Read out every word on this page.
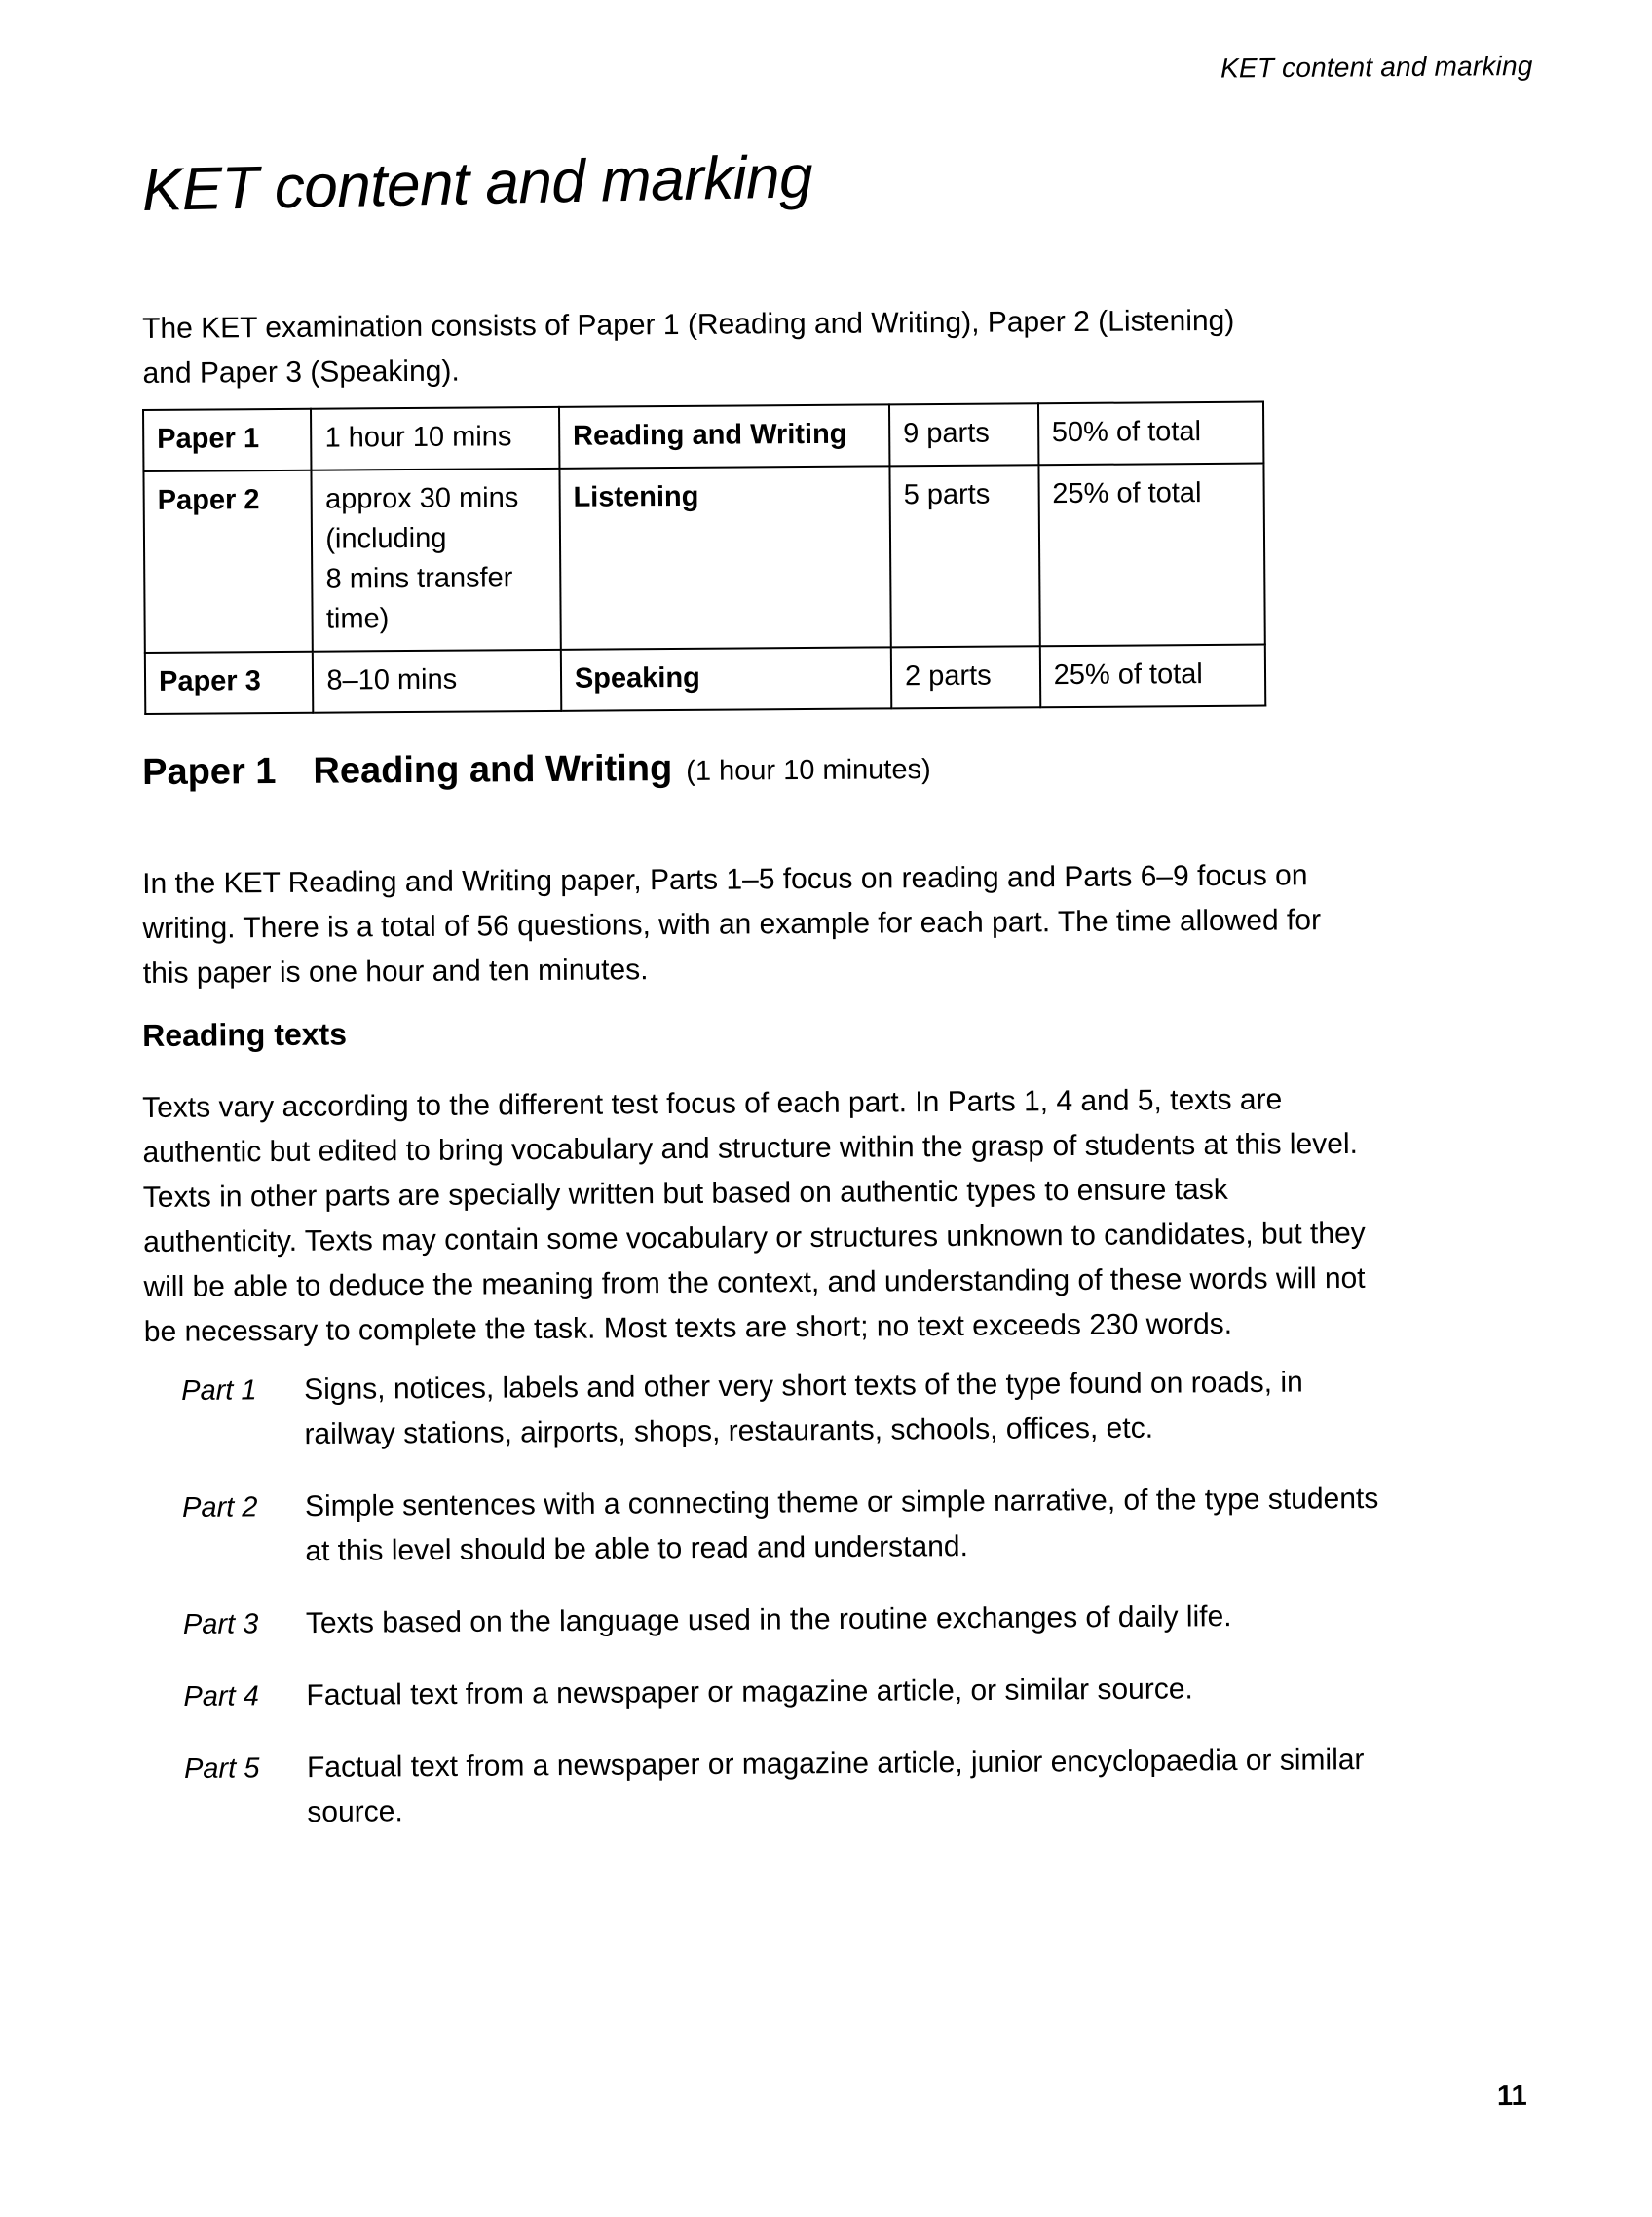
KET content and marking
KET content and marking

The KET examination consists of Paper 1 (Reading and Writing), Paper 2 (Listening) and Paper 3 (Speaking).

Paper 1	1 hour 10 mins	Reading and Writing	9 parts	50% of total
Paper 2	approx 30 mins
(including
8 mins transfer
time)	Listening	5 parts	25% of total
Paper 3	8–10 mins	Speaking	2 parts	25% of total
Paper 1 Reading and Writing (1 hour 10 minutes)

In the KET Reading and Writing paper, Parts 1–5 focus on reading and Parts 6–9 focus on writing. There is a total of 56 questions, with an example for each part. The time allowed for this paper is one hour and ten minutes.

Reading texts

Texts vary according to the different test focus of each part. In Parts 1, 4 and 5, texts are authentic but edited to bring vocabulary and structure within the grasp of students at this level. Texts in other parts are specially written but based on authentic types to ensure task authenticity. Texts may contain some vocabulary or structures unknown to candidates, but they will be able to deduce the meaning from the context, and understanding of these words will not be necessary to complete the task. Most texts are short; no text exceeds 230 words.

Part 1	Signs, notices, labels and other very short texts of the type found on roads, in railway stations, airports, shops, restaurants, schools, offices, etc.
Part 2	Simple sentences with a connecting theme or simple narrative, of the type students at this level should be able to read and understand.
Part 3	Texts based on the language used in the routine exchanges of daily life.
Part 4	Factual text from a newspaper or magazine article, or similar source.
Part 5	Factual text from a newspaper or magazine article, junior encyclopaedia or similar source.
11
